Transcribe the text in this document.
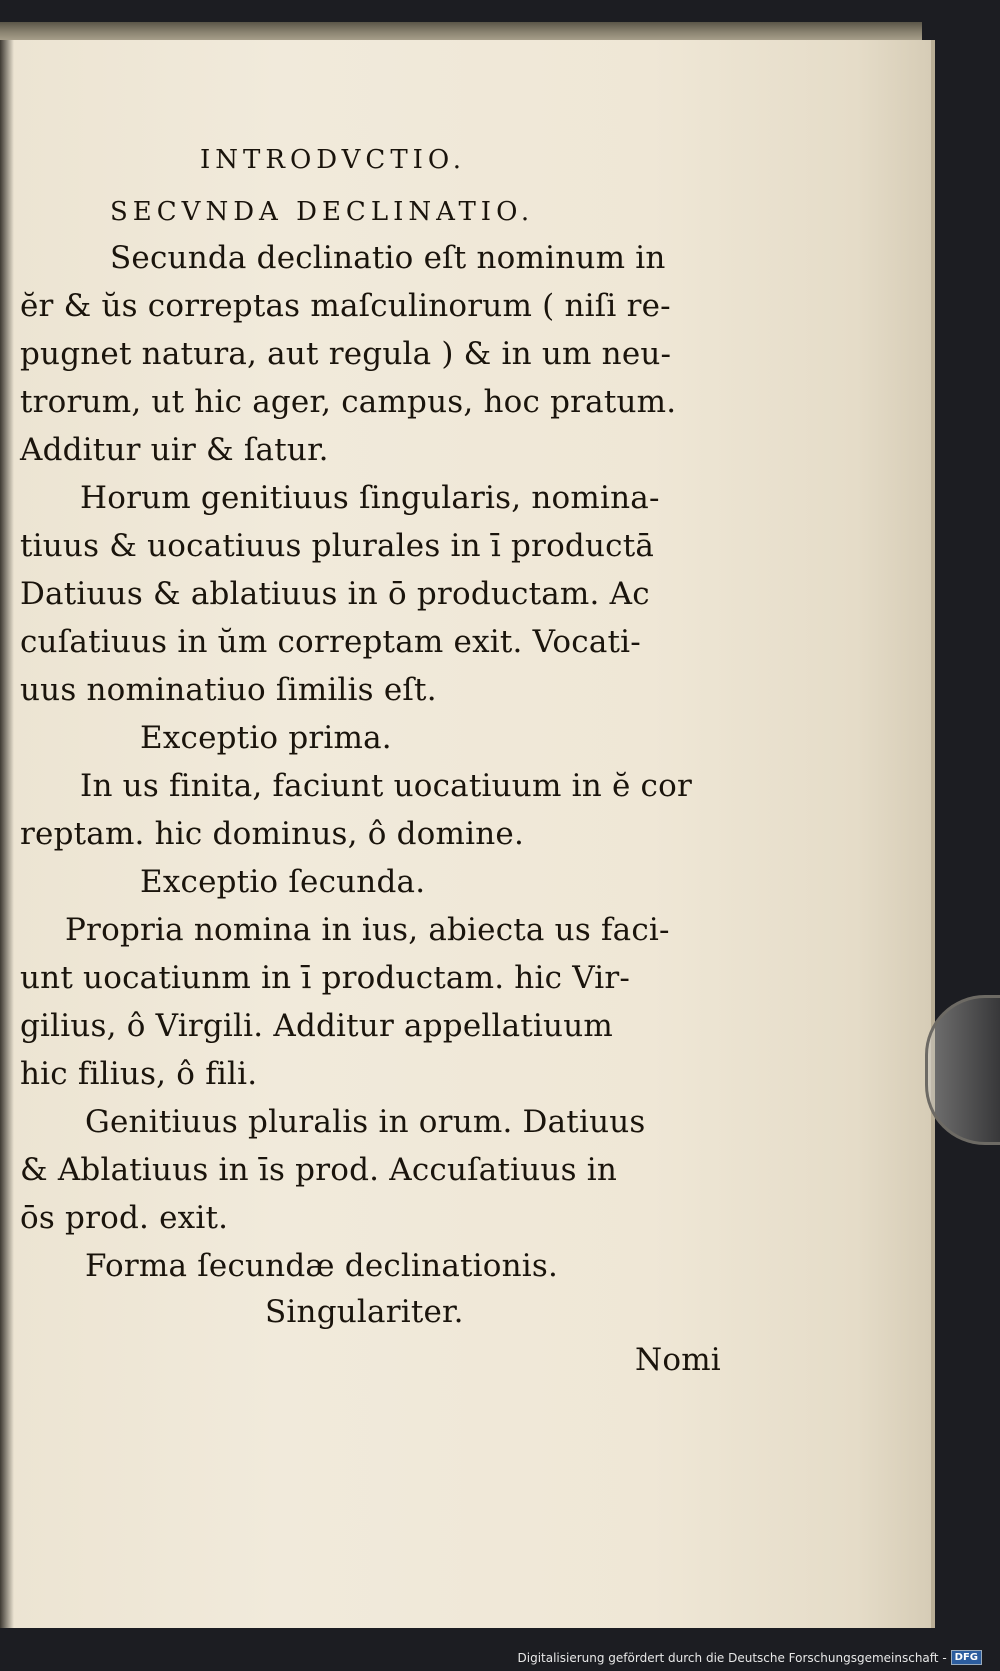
INTRODVCTIO.
SECVNDA DECLINATIO.
Secunda declinatio eſt nominum in
ĕr & ŭs correptas maſculinorum ( niſi re-
pugnet natura, aut regula ) & in um neu-
trorum, ut hic ager, campus, hoc pratum.
Additur uir & ſatur.
Horum genitiuus ſingularis, nomina-
tiuus & uocatiuus plurales in ī productā
Datiuus & ablatiuus in ō productam. Ac
cuſatiuus in ŭm correptam exit. Vocati-
uus nominatiuo ſimilis eſt.
Exceptio prima.
In us finita, faciunt uocatiuum in ĕ cor
reptam. hic dominus, ô domine.
Exceptio ſecunda.
Propria nomina in ius, abiecta us faci-
unt uocatiunm in ī productam. hic Vir-
gilius, ô Virgili. Additur appellatiuum
hic filius, ô fili.
Genitiuus pluralis in orum. Datiuus
& Ablatiuus in īs prod. Accuſatiuus in
ōs prod. exit.
Forma ſecundæ declinationis.
Singulariter.
Nomi
Digitalisierung gefördert durch die Deutsche Forschungsgemeinschaft - DFG
